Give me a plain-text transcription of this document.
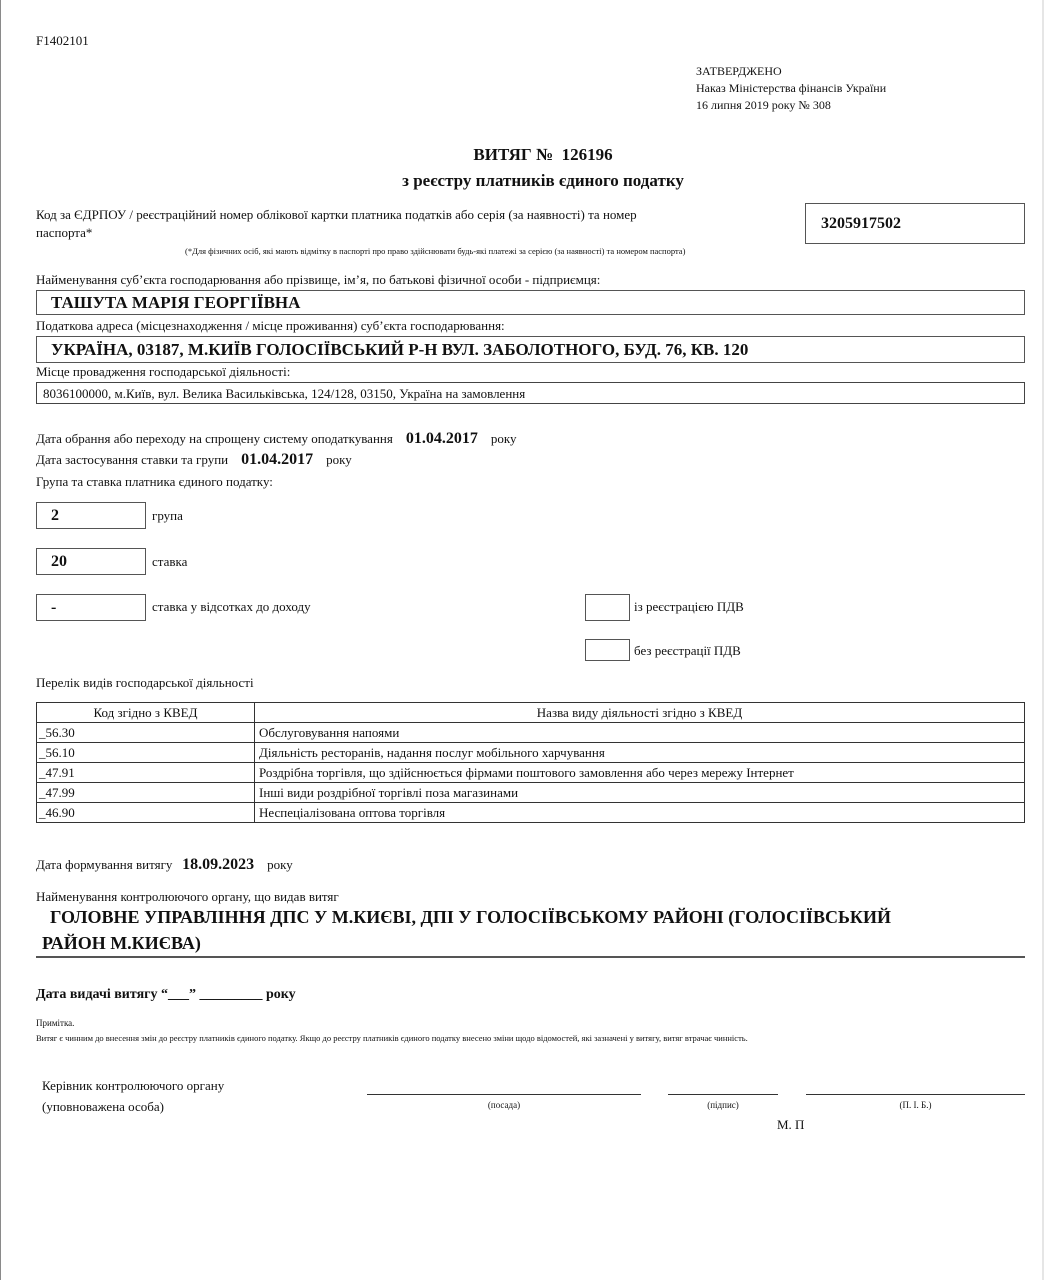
F1402101
ЗАТВЕРДЖЕНО
Наказ Міністерства фінансів України
16 липня 2019 року № 308
ВИТЯГ № 126196
з реєстру платників єдиного податку
Код за ЄДРПОУ / реєстраційний номер облікової картки платника податків або серія (за наявності) та номер
паспорта*
3205917502
(*Для фізичних осіб, які мають відмітку в паспорті про право здійснювати будь-які платежі за серією (за наявності) та номером паспорта)
Найменування суб’єкта господарювання або прізвище, ім’я, по батькові фізичної особи - підприємця:
ТАШУТА МАРІЯ ГЕОРГІЇВНА
Податкова адреса (місцезнаходження / місце проживання) суб’єкта господарювання:
УКРАЇНА, 03187, М.КИЇВ ГОЛОСІЇВСЬКИЙ Р-Н ВУЛ. ЗАБОЛОТНОГО, БУД. 76, КВ. 120
Місце провадження господарської діяльності:
8036100000, м.Київ, вул. Велика Васильківська, 124/128, 03150, Україна на замовлення
Дата обрання або переходу на спрощену систему оподаткування 01.04.2017 року
Дата застосування ставки та групи 01.04.2017 року
Група та ставка платника єдиного податку:
2	група
20	ставка
-	ставка у відсотках до доходу	із реєстрацією ПДВ
без реєстрації ПДВ
Перелік видів господарської діяльності
Код згідно з КВЕД	Назва виду діяльності згідно з КВЕД
_56.30	Обслуговування напоями
_56.10	Діяльність ресторанів, надання послуг мобільного харчування
_47.91	Роздрібна торгівля, що здійснюється фірмами поштового замовлення або через мережу Інтернет
_47.99	Інші види роздрібної торгівлі поза магазинами
_46.90	Неспеціалізована оптова торгівля
Дата формування витягу 18.09.2023 року
Найменування контролюючого органу, що видав витяг
ГОЛОВНЕ УПРАВЛІННЯ ДПС У М.КИЄВІ, ДПІ У ГОЛОСІЇВСЬКОМУ РАЙОНІ (ГОЛОСІЇВСЬКИЙ
РАЙОН М.КИЄВА)
Дата видачі витягу “___” _________ року
Примітка.
Витяг є чинним до внесення змін до реєстру платників єдиного податку. Якщо до реєстру платників єдиного податку внесено зміни щодо відомостей, які зазначені у витягу, витяг втрачає чинність.
Керівник контролюючого органу
(уповноважена особа)	(посада)	(підпис)	(П. І. Б.)
М. П
